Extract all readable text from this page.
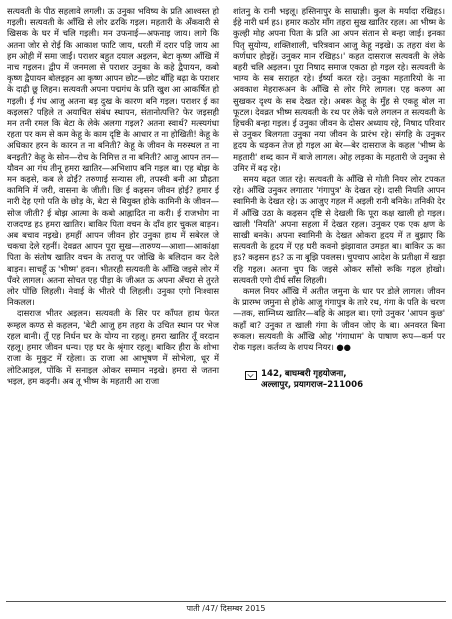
सत्यवती के पीठ सहलावे लगली। ऊ उनुका भविष्य के प्रति आश्वस्त हो गइली। सत्यवती के आँखि से लोर ढरकि गइल। महतारी के अँकवारी से खिसक के घर में चलि गइली। मन उफनाई—अफनाइ जाय। लागे कि अतना जोर से रोई कि आकाश फाटि जाय, धरती में दरार पड़ि जाय आ हम ओही में समा जाईं। पराशर बहुत दयाल अइलन, बेटा कृष्ण आँखि में नाच गइलन। द्वीप में जनमला से पराशर उनुका के कहे द्वैपायन, कबो कृष्ण द्वैपायन बोलइहन आ कृष्ण आपन छोट—छोट बाँहि बढ़ा के पराशर के दाढ़ी छू लिहन। सत्यवती अपना पद्मगंध के प्रति खुश आ आकर्षित हो गइली। ई गंध आजु अतना बड़ दुख के कारण बनि गइल। पराशर ई का कइलस? पहिले त अयाचित संबंध स्थापन, संतानोत्पत्ति? फेर जइसही मन तनी रमल कि बेटा के लेके अलगा गइल? अतना स्वार्थ? मत्स्यगंधा रहता पर कम से कम केहू के काम दृष्टि के आधार त ना होखिती! केहू के अधिकार हरन के कारन त ना बनिती? केहू के जीवन के मरुस्थल त ना बनइती? केहू के सोन—रोच के निमित्त त ना बनिती? आजु आपन तन—यौवन आ गंध तीनू हमरा खातिर—अभिशाप बनि गइल बा। एह बोझ के मन कइसे, कब ले ढोईं? तरुणाई सन्यास ली, तपस्वी बनी आ प्रौढ़ता कामिनि में जरी, वासना के जीती। छिः ई कइसन जीवन होई? हमार ई नारी देह एगो पति के छोड़ के, बेटा से बियुक्त होके कामिनी के जीवन—सोज जीती? ई बोझ आत्मा के कबो आह्लादित ना करी। ई राजभोग ना राजदण्ड हऽ हमरा खातिर। बाकिर पिता वचन के दाँव हार चुकल बाड़न। अब बचाव नइखे। हमहीं आपन जीवन होर उनुका हाथ में सबेरल जे चकचा देले रहनीं। देवव्रत आपन पूरा सुख—तारुण्य—आशा—आकांक्षा पिता के संतोष खातिर वचन के तराजू पर जोखि के बलिदान कर देले बाड़न। साचहूँ ऊ 'भीष्म' हवन। भीतरही सत्यवती के आँखि जइसे लोर में पँवरे लागल। अतना सोचत एह पीड़ा के जीअत ऊ अपना अँचरा से तुरते लोर पोंछि लिहली। नेवाई के भीतरे पी लिहली। उनुका एगो निःश्वास निकलल।

दासराज भीतर अइलन। सत्यवती के सिर पर काँपत हाथ फेरत रूम्हल कण्ठ से कहलन, 'बेटी आजु हम तहरा के उचित स्थान पर भेज रहल बानी। तूँ एह निर्धन घर के योग्य ना रहलू। हमरा खातिर तूँ वरदान रहलू। हमार जीवन धन्य। एह घर के श्रृंगार रहलू। बाकिर हीरा के शोभा राजा के मुकुट में रहेला। ऊ राजा आ आभूषण में सोभेला, धूर में लोटिआइल, पोंकि में सनाइल ओकर सम्मान नइखे। हमरा से जतना भइल, हम कइनी। अब तू भीष्म के महतारी आ राजा

शांतनु के रानी भइलू। हस्तिनापुर के साम्राज्ञी। कुल के मर्यादा रखिहऽ। ईहे नारी धर्म हऽ। हमार कठोर माँग तहरा सुख खातिर रहल। आ भीष्म के कुल्ही मोह अपना पिता के प्रति आ अपन संतान से बन्हा जाई। इनका पितृ सुयोग्य, शक्तिशाली, चरित्रवान आजु केहू नइखे। ऊ तहरा वंश के कर्णधार होइहें। उनुकर मान रखिहऽ।' कहत दासराज सत्यवती के लेके बहरी चलि अइलन। पूरा निषाद समाज एकठा हो गइल रहे। सत्यवती के भाग्य के सब सराहत रहे। ईर्ष्या करत रहे। उनुका महतारियो के ना अवकाश मेहरारूअन के आँखि से लोर गिरे लागल। एह करुण आ सुखकर दृश्य के सब देखत रहे। अबरू केहू के मुँह से एकहू बोल ना फूटल। देवव्रत भीष्म सत्यवती के रथ पर लेके चले लगलन त सत्यवती के हिचकी बन्हा गइल। ई उनुका जीवन के दोसर अध्याय रहे, निषाद परिवार से उनुकर बिलगता उनुका नया जीवन के प्रारंभ रहे। संगहि के उनुकर हृदय के धड़कन तेज हो गइल आ बेर—बेर दासराज के कहल 'भीष्म के महतारी' शब्द कान में बाजे लागल। ओह लड़का के महतारी जे उनुका से उमिर में बढ़ रहे।

समय बढ़त जात रहे। सत्यवती के आँखि से गोती नियर लोर टपकत रहे। आँखि उनुकर लगातार 'गंगापुत्र' के देखत रहे। दासी नियति आपन स्वामिनी के देखत रहे। ऊ आजुए गहल में अइली रानी बनिके। तनिकी देर में आँखि उठा के कइसन दृष्टि से देखली कि पूरा कक्ष खाली हो गइल। खाली 'नियति' अपना सहला में देखत रहल। उनुकर एक एक क्षण के साखी बनके। अपना स्वामिनी के देखत ओकरा हृदय में त बुझाए कि सत्यवती के हृदय में एह घरी कवनो झंझावात उमड़त बा। बाकिर ऊ का हऽ? कइसन हऽ? ऊ ना बूझि पवलस। चुपचाप आदेश के प्रतीक्षा में खड़ा रहि गइल। अतना चुप कि जइसे ओकर साँसो रूकि गइल होखो। सत्यवती एगो दीर्घ साँस लिहली।

कमल नियर आँखि में अतीत जमुना के धार पर डोले लागल। जीवन के प्रारम्भ जमुना से होके आजु गंगापुत्र के तारे रथ, गंगा के पति के चरण—तक, साम्निध्य खातिर—बहि के आइल बा। एगो उनुकर 'आपन कुछ' कहाँ बा? उनुका त खाली गंगा के जीवन जोए के बा। अनवरत बिना रूकल। सत्यवती के आँखि ओह 'गंगाधाम' के पाषाण रूप—कर्म पर रोक गइल। कर्तव्य के शपथ नियर। ●●

142, बाघम्बरी गृहयोजना,
अल्लापुर, प्रयागराज–211006
पाती /47/ दिसम्बर 2015
